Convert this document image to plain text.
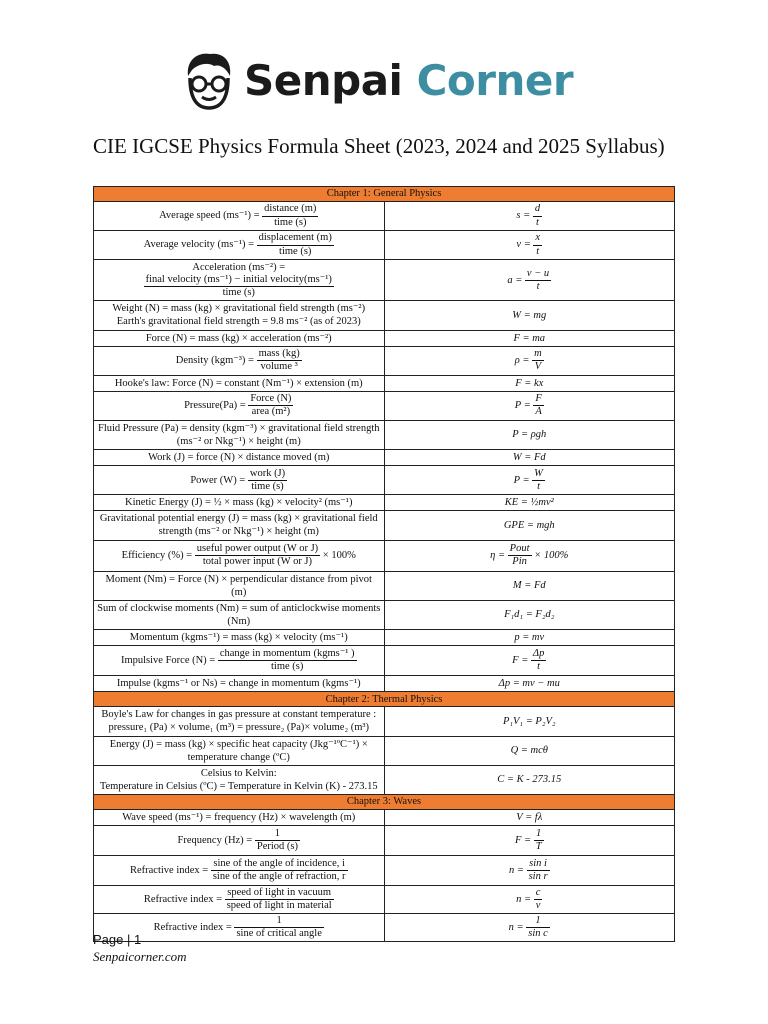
Senpai Corner
CIE IGCSE Physics Formula Sheet (2023, 2024 and 2025 Syllabus)
Chapter 1: General Physics	
Average speed $(ms^{-1}) = \frac{\text{distance (m)}}{\text{time (s)}}$	$s = \frac{d}{t}$

Average velocity $(ms^{-1}) = \frac{\text{displacement (m)}}{\text{time (s)}}$	$v = \frac{x}{t}$

Acceleration (ms⁻²) =
$\frac{\text{final velocity (ms⁻¹) − initial velocity(ms⁻¹)}}{\text{time (s)}}$	$a = \frac{v - u}{t}$

Weight (N) = mass (kg) × gravitational field strength (ms⁻²)
Earth's gravitational field strength = 9.8 ms⁻² (as of 2023)	W = mg
Force (N) = mass (kg) × acceleration (ms⁻²)	F = ma
Density $(kgm^{-3}) = \frac{\text{mass (kg)}}{\text{volume ³}}$	$\rho = \frac{m}{V}$

Hooke's law: Force (N) = constant (Nm⁻¹) × extension (m)	F = kx
Pressure(Pa) = $\frac{\text{Force (N)}}{\text{area (m²)}}$	$P = \frac{F}{A}$

Fluid Pressure (Pa) = density (kgm⁻³) × gravitational field strength (ms⁻² or Nkg⁻¹) × height (m)	P = ρgh
Work (J) = force (N) × distance moved (m)	W = Fd
Power $(W) = \frac{\text{work (J)}}{\text{time (s)}}$	$P = \frac{W}{t}$

Kinetic Energy (J) = ½ × mass (kg) × velocity² (ms⁻¹)	KE = ½mv²
Gravitational potential energy (J) = mass (kg) × gravitational field strength (ms⁻² or Nkg⁻¹) × height (m)	GPE = mgh
Efficiency (%) = $\frac{\text{useful power output (W or J)}}{\text{total power input (W or J)}} \times 100\%$	$\eta = \frac{\text{Pout}}{\text{Pin}} \times 100\%$
Moment (Nm) = Force (N) × perpendicular distance from pivot (m)	M = Fd
Sum of clockwise moments (Nm) = sum of anticlockwise moments (Nm)	F₁d₁ = F₂d₂
Momentum (kgms⁻¹) = mass (kg) × velocity (ms⁻¹)	p = mv
Impulsive Force $(N) = \frac{\text{change in momentum (kgms⁻¹ )}}{\text{time (s)}}$	$F = \frac{\Delta p}{t}$

Impulse (kgms⁻¹ or Ns) = change in momentum (kgms⁻¹)	Δp = mv − mu
Chapter 2: Thermal Physics	

Boyle's Law for changes in gas pressure at constant temperature :
pressure₁ (Pa) × volume₁ (m³) = pressure₂ (Pa)× volume₂ (m³)	P₁V₁ = P₂V₂
Energy (J) = mass (kg) × specific heat capacity (Jkg⁻¹ºC⁻¹) × temperature change (ºC)	Q = mcθ

Celsius to Kelvin:
Temperature in Celsius (ºC) = Temperature in Kelvin (K) - 273.15	C = K - 273.15
Chapter 3: Waves	
Wave speed (ms⁻¹) = frequency (Hz) × wavelength (m)	V = fλ
Frequency $(Hz) = \frac{1}{\text{Period (s)}}$	$F = \frac{1}{T}$

Refractive index = $\frac{\text{sine of the angle of incidence, i}}{\text{sine of the angle of refraction, r}}$	$n = \frac{\text{sin i}}{\text{sin r}}$

Refractive index = $\frac{\text{speed of light in vacuum}}{\text{speed of light in material}}$	$n = \frac{c}{v}$

Refractive index = $\frac{1}{\text{sine of critical angle}}$	$n = \frac{1}{\text{sin c}}$
Page | 1
Senpaicorner.com
